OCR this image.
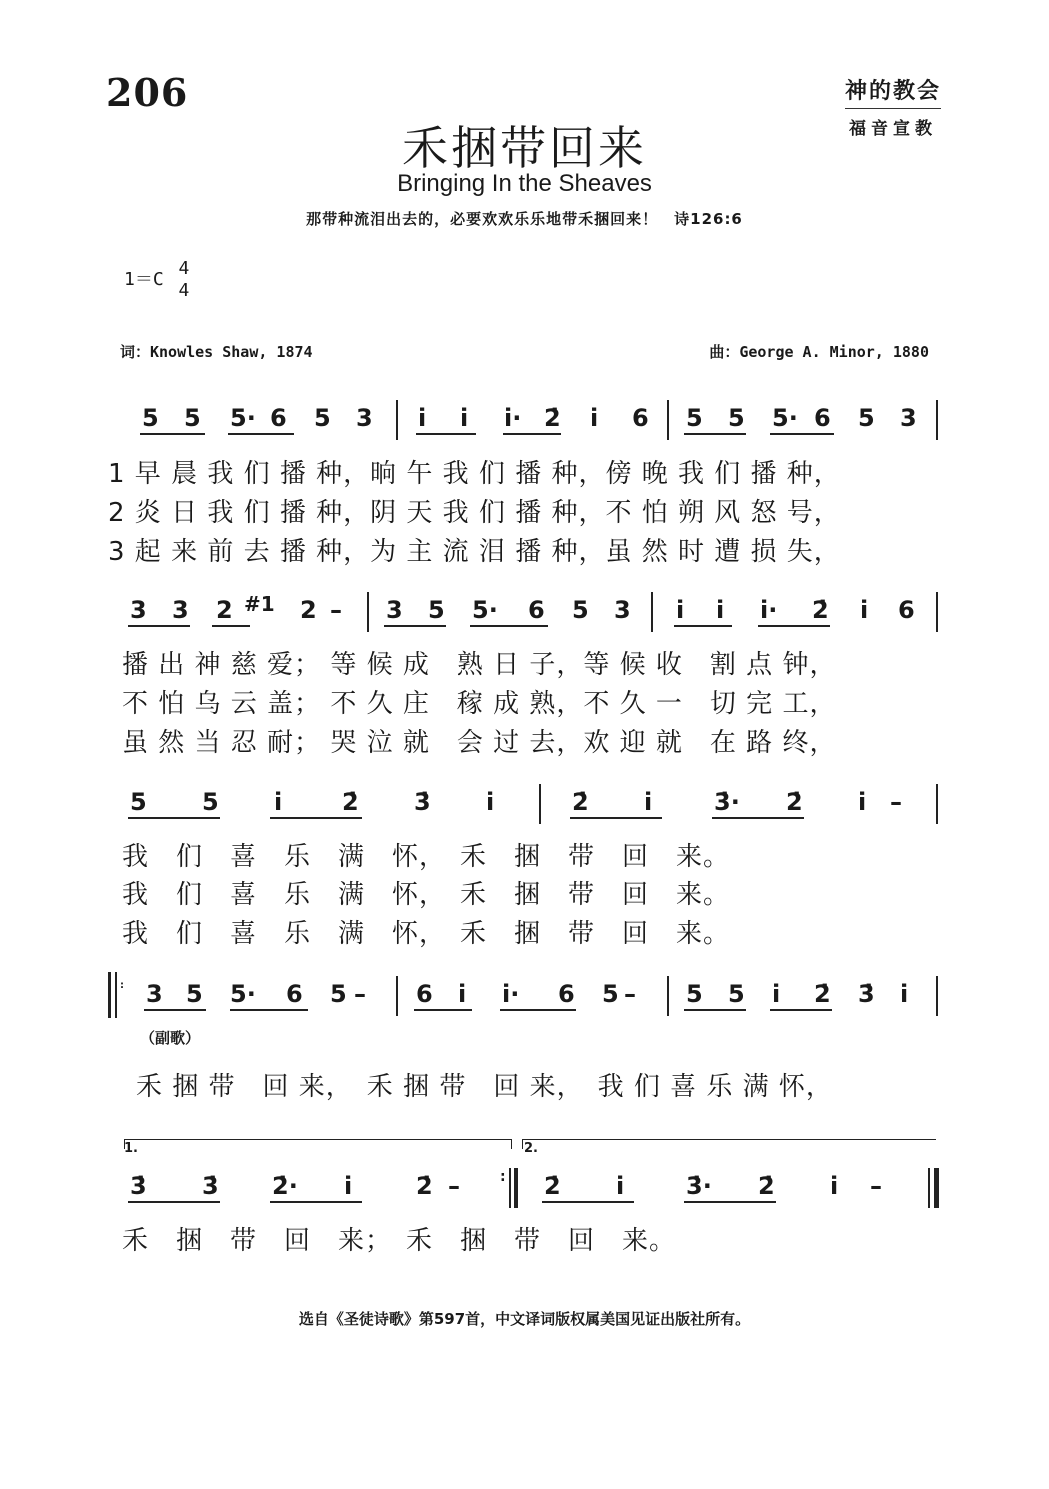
206	神的教会
福音宣教
禾捆带回来
Bringing In the Sheaves
那带种流泪出去的，必要欢欢乐乐地带禾捆回来！　诗126:6
1＝C
4
4
词：Knowles Shaw, 1874	曲：George A. Minor, 1880
5 5 5· 6 5 3 i i i· 2̇ i 6 5 5 5· 6 5 3
1 早 晨 我 们 播 种，晌 午 我 们 播 种，傍 晚 我 们 播 种，
2 炎 日 我 们 播 种，阴 天 我 们 播 种，不 怕 朔 风 怒 号，
3 起 来 前 去 播 种，为 主 流 泪 播 种，虽 然 时 遭 损 失，
3 3 2 #1 2 – 3 5 5· 6 5 3 i i i· 2̇ i 6
播 出 神 慈 爱； 等 候 成　熟 日 子，等 候 收　割 点 钟，
不 怕 乌 云 盖； 不 久 庄　稼 成 熟，不 久 一　切 完 工，
虽 然 当 忍 耐； 哭 泣 就　会 过 去，欢 迎 就　在 路 终，
5 5 i 2̇ 3̇ i	2̇ i	3̇· 2̇ i –
我　们　喜　乐　满　怀，　禾　捆　带　回　来。
我　们　喜　乐　满　怀，　禾　捆　带　回　来。
我　们　喜　乐　满　怀，　禾　捆　带　回　来。
: 3 5 5· 6 5 – 6 i i· 6 5 – 5 5 i 2̇ 3̇ i
（副歌）
禾 捆 带　回 来，　禾 捆 带　回 来，　我 们 喜 乐 满 怀，
1.	2.
3̇ 3̇ 2̇· i	2̇ –	: 2̇ i	3̇· 2̇ i –
禾　捆　带　回　来；　禾　捆　带　回　来。
选自《圣徒诗歌》第597首，中文译词版权属美国见证出版社所有。
